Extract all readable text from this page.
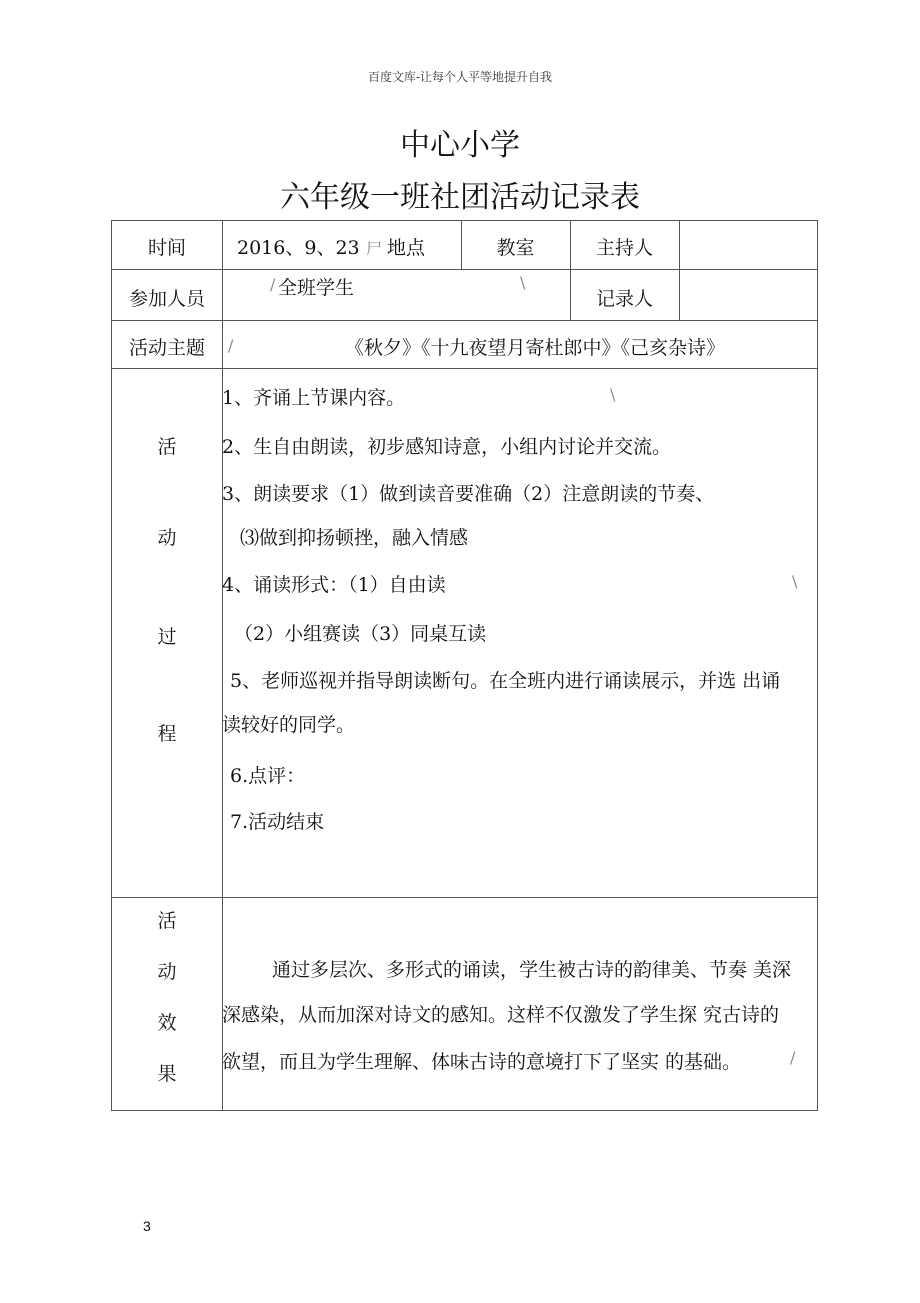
百度文库-让每个人平等地提升自我
中心小学
六年级一班社团活动记录表
时间	2016、9、23 地点	教室	主持人
参加人员	全班学生	记录人
活动主题	《秋夕》《十九夜望月寄杜郎中》《己亥杂诗》
活
动
过
程
1、齐诵上节课内容。
2、生自由朗读，初步感知诗意，小组内讨论并交流。
3、朗读要求（1）做到读音要准确（2）注意朗读的节奏、
⑶做到抑扬顿挫，融入情感
4、诵读形式：（1）自由读
（2）小组赛读（3）同桌互读
5、老师巡视并指导朗读断句。在全班内进行诵读展示，并选 出诵
读较好的同学。
6.点评：
7.活动结束
活
动
效
果
通过多层次、多形式的诵读，学生被古诗的韵律美、节奏 美深
深感染，从而加深对诗文的感知。这样不仅激发了学生探 究古诗的
欲望，而且为学生理解、体味古诗的意境打下了坚实 的基础。
\
\
\
/
/
/
尸
3
